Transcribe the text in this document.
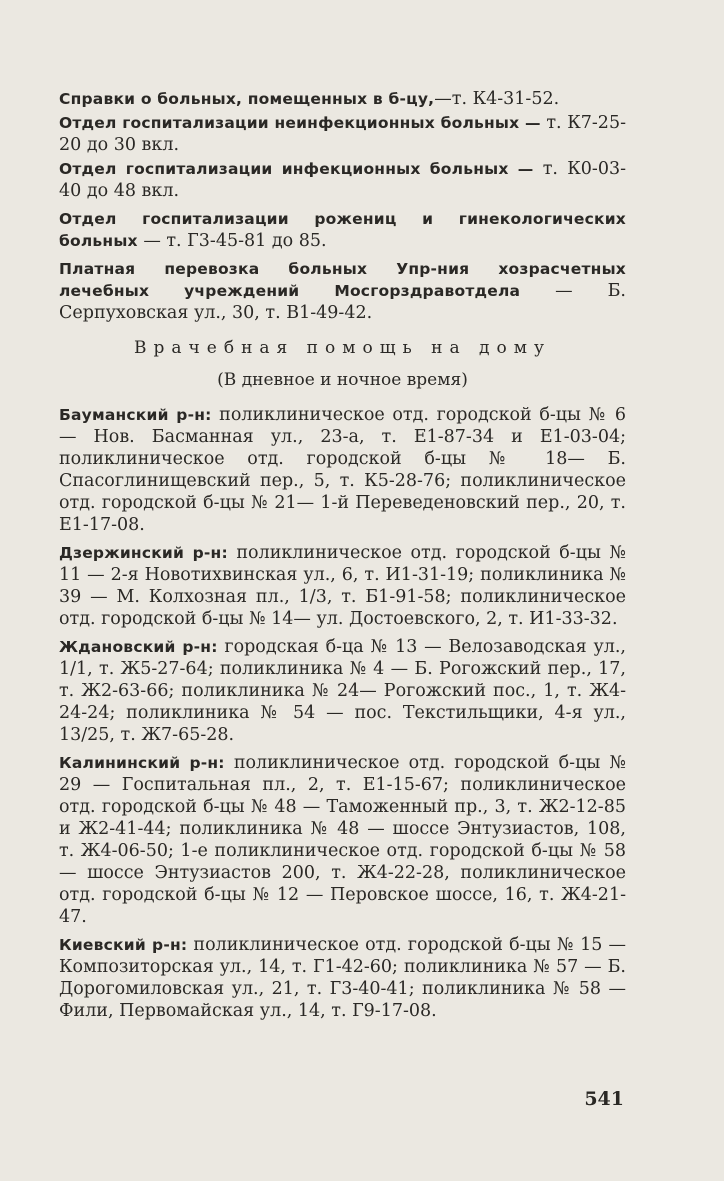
Справки о больных, помещенных в б-цу,—т. К4-31-52.

Отдел госпитализации неинфекционных больных — т. К7-25-20 до 30 вкл.

Отдел госпитализации инфекционных больных — т. К0-03-40 до 48 вкл.

Отдел госпитализации рожениц и гинекологических больных — т. Г3-45-81 до 85.

Платная перевозка больных Упр-ния хозрасчетных лечебных учреждений Мосгорздравотдела — Б. Серпуховская ул., 30, т. В1-49-42.

Врачебная помощь на дому
(В дневное и ночное время)

Бауманский р-н: поликлиническое отд. городской б-цы № 6 — Нов. Басманная ул., 23-а, т. Е1-87-34 и Е1-03-04; поликлиническое отд. городской б-цы № 18— Б. Спасоглинищевский пер., 5, т. К5-28-76; поликлиническое отд. городской б-цы № 21— 1-й Переведеновский пер., 20, т. Е1-17-08.

Дзержинский р-н: поликлиническое отд. городской б-цы № 11 — 2-я Новотихвинская ул., 6, т. И1-31-19; поликлиника № 39 — М. Колхозная пл., 1/3, т. Б1-91-58; поликлиническое отд. городской б-цы № 14— ул. Достоевского, 2, т. И1-33-32.

Ждановский р-н: городская б-ца № 13 — Велозаводская ул., 1/1, т. Ж5-27-64; поликлиника № 4 — Б. Рогожский пер., 17, т. Ж2-63-66; поликлиника № 24— Рогожский пос., 1, т. Ж4-24-24; поликлиника № 54 — пос. Текстильщики, 4-я ул., 13/25, т. Ж7-65-28.

Калининский р-н: поликлиническое отд. городской б-цы № 29 — Госпитальная пл., 2, т. Е1-15-67; поликлиническое отд. городской б-цы № 48 — Таможенный пр., 3, т. Ж2-12-85 и Ж2-41-44; поликлиника № 48 — шоссе Энтузиастов, 108, т. Ж4-06-50; 1-е поликлиническое отд. городской б-цы № 58 — шоссе Энтузиастов 200, т. Ж4-22-28, поликлиническое отд. городской б-цы № 12 — Перовское шоссе, 16, т. Ж4-21-47.

Киевский р-н: поликлиническое отд. городской б-цы № 15 — Композиторская ул., 14, т. Г1-42-60; поликлиника № 57 — Б. Дорогомиловская ул., 21, т. Г3-40-41; поликлиника № 58 — Фили, Первомайская ул., 14, т. Г9-17-08.

541
